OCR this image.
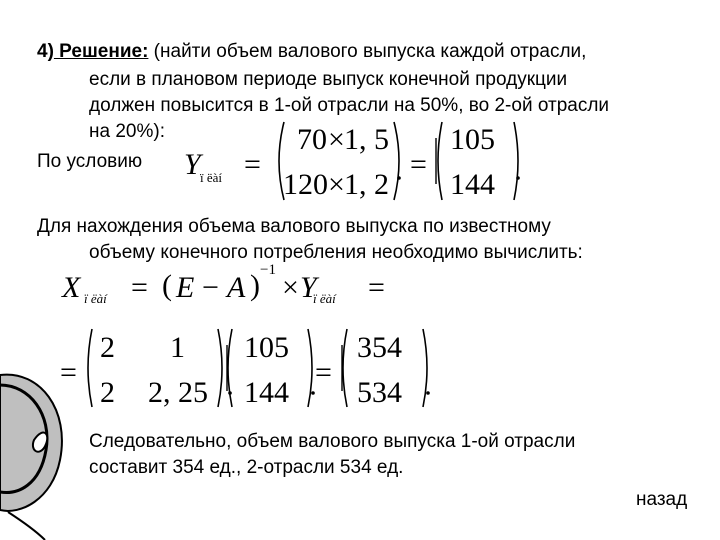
4) Решение: (найти объем валового выпуска каждой отрасли,
если в плановом периоде выпуск конечной продукции
должен повысится в 1-ой отрасли на 50%, во 2-ой отрасли
на 20%):
По условию Y ï ëàí =
70 × 1, 5
120 × 1, 2
=
105
144
Для нахождения объема валового выпуска по известному
объему конечного потребления необходимо вычислить:
X ï ëàí = ( E − A ) −1
× Y
ï ëàí =
=
2 1
2 2, 25
105
144
=
354
534
Следовательно, объем валового выпуска 1-ой отрасли
составит 354 ед., 2-отрасли 534 ед.
назад
